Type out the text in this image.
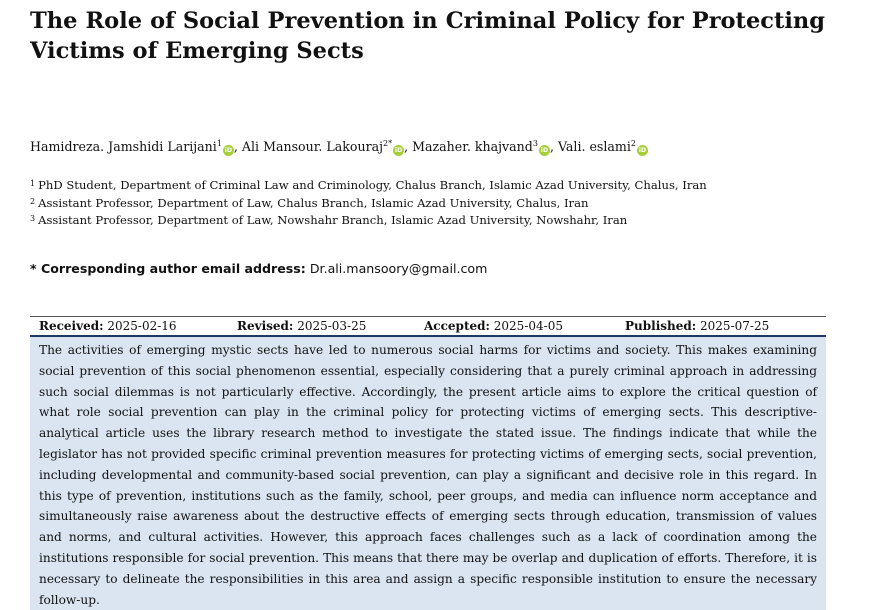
The Role of Social Prevention in Criminal Policy for Protecting Victims of Emerging Sects
Hamidreza. Jamshidi Larijani$^1$iD , Ali Mansour. Lakouraj$^{2*}$iD , Mazaher. khajvand$^3$iD , Vali. eslami$^2$iD
$^1$ PhD Student, Department of Criminal Law and Criminology, Chalus Branch, Islamic Azad University, Chalus, Iran
$^2$ Assistant Professor, Department of Law, Chalus Branch, Islamic Azad University, Chalus, Iran
$^3$ Assistant Professor, Department of Law, Nowshahr Branch, Islamic Azad University, Nowshahr, Iran
* Corresponding author email address: Dr.ali.mansoory@gmail.com
Received: 2025-02-16	Revised: 2025-03-25	Accepted: 2025-04-05	Published: 2025-07-25

The activities of emerging mystic sects have led to numerous social harms for victims and society. This makes examining social prevention of this social phenomenon essential, especially considering that a purely criminal approach in addressing such social dilemmas is not particularly effective. Accordingly, the present article aims to explore the critical question of what role social prevention can play in the criminal policy for protecting victims of emerging sects. This descriptive-analytical article uses the library research method to investigate the stated issue. The findings indicate that while the legislator has not provided specific criminal prevention measures for protecting victims of emerging sects, social prevention, including developmental and community-based social prevention, can play a significant and decisive role in this regard. In this type of prevention, institutions such as the family, school, peer groups, and media can influence norm acceptance and simultaneously raise awareness about the destructive effects of emerging sects through education, transmission of values and norms, and cultural activities. However, this approach faces challenges such as a lack of coordination among the institutions responsible for social prevention. This means that there may be overlap and duplication of efforts. Therefore, it is necessary to delineate the responsibilities in this area and assign a specific responsible institution to ensure the necessary follow-up.
